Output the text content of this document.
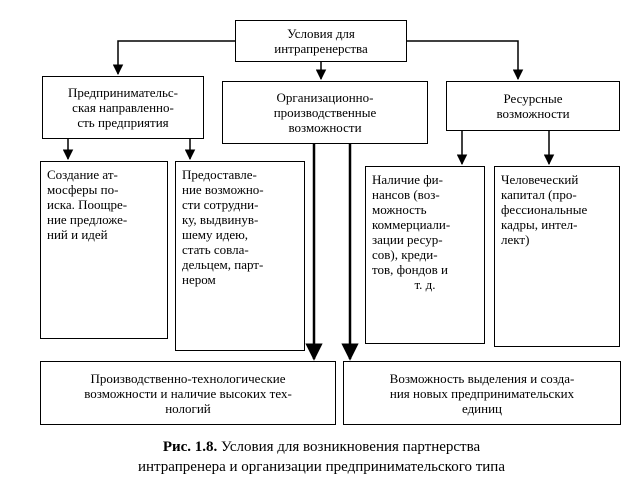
Условия для
интрапренерства
Предпринимательс-
ская направленно-
сть предприятия
Организационно-
производственные
возможности
Ресурсные
возможности
Создание ат-
мосферы по-
иска. Поощре-
ние предложе-
ний и идей
Предоставле-
ние возможно-
сти сотрудни-
ку, выдвинув-
шему идею,
стать совла-
дельцем, парт-
нером
Наличие фи-
нансов (воз-
можность
коммерциали-
зации ресур-
сов), креди-
тов, фондов и
т. д.
Человеческий
капитал (про-
фессиональные
кадры, интел-
лект)
Производственно-технологические
возможности и наличие высоких тех-
нологий
Возможность выделения и созда-
ния новых предпринимательских
единиц
Рис. 1.8. Условия для возникновения партнерства
интрапренера и организации предпринимательского типа
